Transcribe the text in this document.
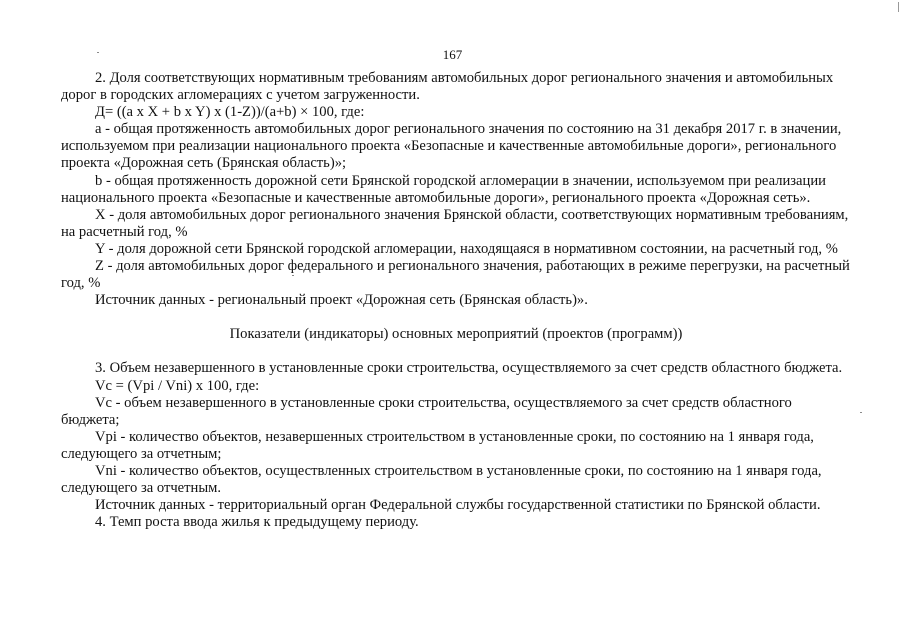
167

2. Доля соответствующих нормативным требованиям автомобильных дорог регионального значения и автомобильных дорог в городских агломерациях с учетом загруженности.

Д= ((a x X + b x Y) x (1-Z))/(a+b) × 100, где:

a - общая протяженность автомобильных дорог регионального значения по состоянию на 31 декабря 2017 г. в значении, используемом при реализации национального проекта «Безопасные и качественные автомобильные дороги», регионального проекта «Дорожная сеть (Брянская область)»;

b - общая протяженность дорожной сети Брянской городской агломерации в значении, используемом при реализации национального проекта «Безопасные и качественные автомобильные дороги», регионального проекта «Дорожная сеть».

X - доля автомобильных дорог регионального значения Брянской области, соответствующих нормативным требованиям, на расчетный год, %

Y - доля дорожной сети Брянской городской агломерации, находящаяся в нормативном состоянии, на расчетный год, %

Z - доля автомобильных дорог федерального и регионального значения, работающих в режиме перегрузки, на расчетный год, %

Источник данных - региональный проект «Дорожная сеть (Брянская область)».

Показатели (индикаторы) основных мероприятий (проектов (программ))

3. Объем незавершенного в установленные сроки строительства, осуществляемого за счет средств областного бюджета.

Vc = (Vpi / Vni) x 100, где:

Vc - объем незавершенного в установленные сроки строительства, осуществляемого за счет средств областного бюджета;

Vpi - количество объектов, незавершенных строительством в установленные сроки, по состоянию на 1 января года, следующего за отчетным;

Vni - количество объектов, осуществленных строительством в установленные сроки, по состоянию на 1 января года, следующего за отчетным.

Источник данных - территориальный орган Федеральной службы государственной статистики по Брянской области.

4. Темп роста ввода жилья к предыдущему периоду.
